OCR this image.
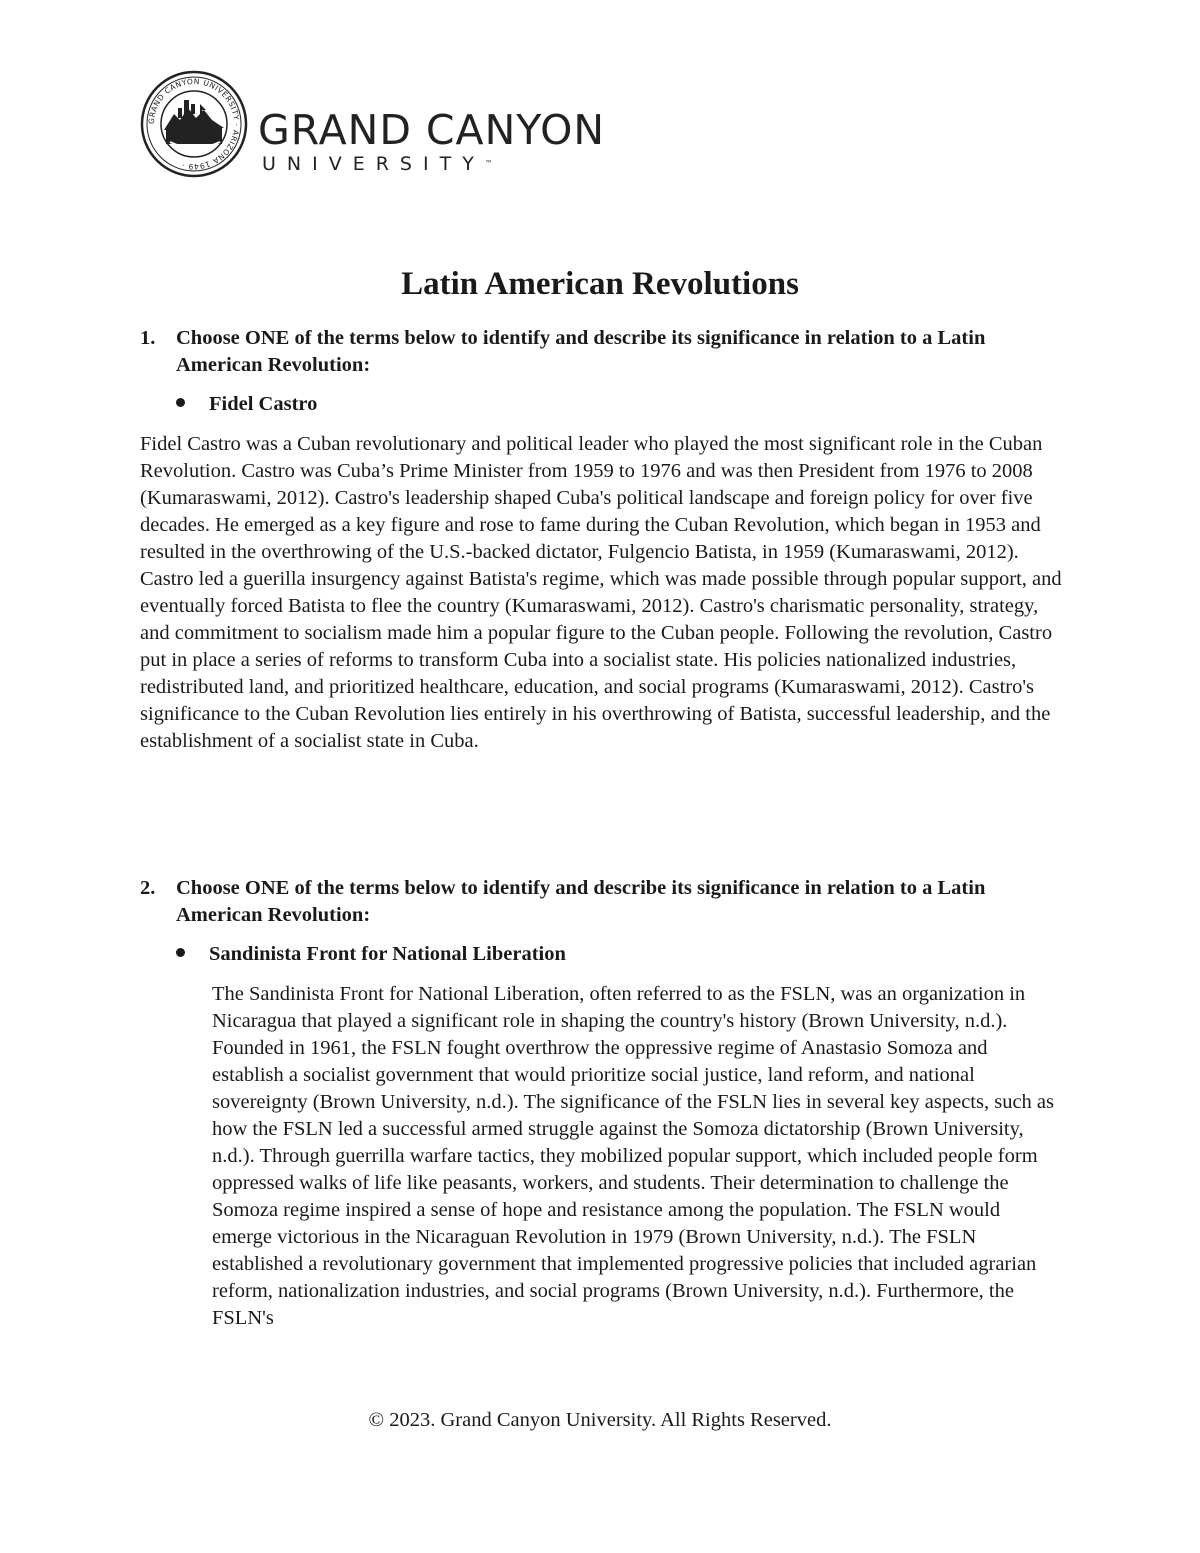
GRAND CANYON UNIVERSITY · ARIZONA 1949 ·
GRAND CANYON
UNIVERSITY™
Latin American Revolutions
1. Choose ONE of the terms below to identify and describe its significance in relation to a Latin American Revolution:
Fidel Castro
Fidel Castro was a Cuban revolutionary and political leader who played the most significant role in the Cuban Revolution. Castro was Cuba’s Prime Minister from 1959 to 1976 and was then President from 1976 to 2008 (Kumaraswami, 2012). Castro's leadership shaped Cuba's political landscape and foreign policy for over five decades. He emerged as a key figure and rose to fame during the Cuban Revolution, which began in 1953 and resulted in the overthrowing of the U.S.-backed dictator, Fulgencio Batista, in 1959 (Kumaraswami, 2012). Castro led a guerilla insurgency against Batista's regime, which was made possible through popular support, and eventually forced Batista to flee the country (Kumaraswami, 2012). Castro's charismatic personality, strategy, and commitment to socialism made him a popular figure to the Cuban people. Following the revolution, Castro put in place a series of reforms to transform Cuba into a socialist state. His policies nationalized industries, redistributed land, and prioritized healthcare, education, and social programs (Kumaraswami, 2012). Castro's significance to the Cuban Revolution lies entirely in his overthrowing of Batista, successful leadership, and the establishment of a socialist state in Cuba.
2. Choose ONE of the terms below to identify and describe its significance in relation to a Latin American Revolution:
Sandinista Front for National Liberation
The Sandinista Front for National Liberation, often referred to as the FSLN, was an organization in Nicaragua that played a significant role in shaping the country's history (Brown University, n.d.). Founded in 1961, the FSLN fought overthrow the oppressive regime of Anastasio Somoza and establish a socialist government that would prioritize social justice, land reform, and national sovereignty (Brown University, n.d.). The significance of the FSLN lies in several key aspects, such as how the FSLN led a successful armed struggle against the Somoza dictatorship (Brown University, n.d.). Through guerrilla warfare tactics, they mobilized popular support, which included people form oppressed walks of life like peasants, workers, and students. Their determination to challenge the Somoza regime inspired a sense of hope and resistance among the population. The FSLN would emerge victorious in the Nicaraguan Revolution in 1979 (Brown University, n.d.). The FSLN established a revolutionary government that implemented progressive policies that included agrarian reform, nationalization industries, and social programs (Brown University, n.d.). Furthermore, the FSLN's
© 2023. Grand Canyon University. All Rights Reserved.
